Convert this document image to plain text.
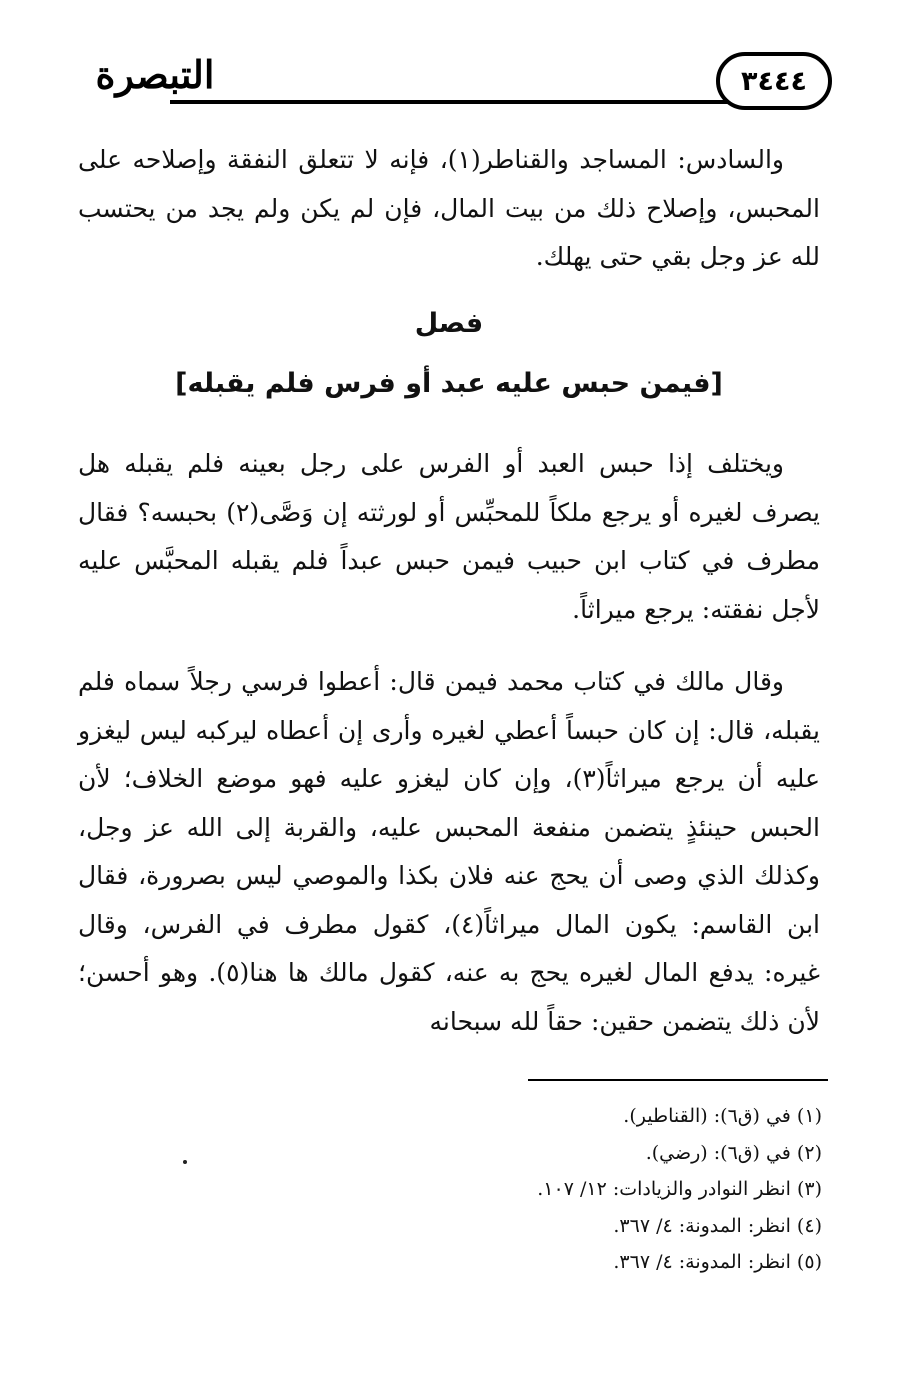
التبصرة	٣٤٤٤

والسادس: المساجد والقناطر(١)، فإنه لا تتعلق النفقة وإصلاحه على المحبس، وإصلاح ذلك من بيت المال، فإن لم يكن ولم يجد من يحتسب لله عز وجل بقي حتى يهلك.

فصل
[فيمن حبس عليه عبد أو فرس فلم يقبله]

ويختلف إذا حبس العبد أو الفرس على رجل بعينه فلم يقبله هل يصرف لغيره أو يرجع ملكاً للمحبِّس أو لورثته إن وَصَّى(٢) بحبسه؟ فقال مطرف في كتاب ابن حبيب فيمن حبس عبداً فلم يقبله المحبَّس عليه لأجل نفقته: يرجع ميراثاً.

وقال مالك في كتاب محمد فيمن قال: أعطوا فرسي رجلاً سماه فلم يقبله، قال: إن كان حبساً أعطي لغيره وأرى إن أعطاه ليركبه ليس ليغزو عليه أن يرجع ميراثاً(٣)، وإن كان ليغزو عليه فهو موضع الخلاف؛ لأن الحبس حينئذٍ يتضمن منفعة المحبس عليه، والقربة إلى الله عز وجل، وكذلك الذي وصى أن يحج عنه فلان بكذا والموصي ليس بصرورة، فقال ابن القاسم: يكون المال ميراثاً(٤)، كقول مطرف في الفرس، وقال غيره: يدفع المال لغيره يحج به عنه، كقول مالك ها هنا(٥). وهو أحسن؛ لأن ذلك يتضمن حقين: حقاً لله سبحانه

(١) في (ق٦): (القناطير).

(٢) في (ق٦): (رضي).

(٣) انظر النوادر والزيادات: ١٢/ ١٠٧.

(٤) انظر: المدونة: ٤/ ٣٦٧.

(٥) انظر: المدونة: ٤/ ٣٦٧.
